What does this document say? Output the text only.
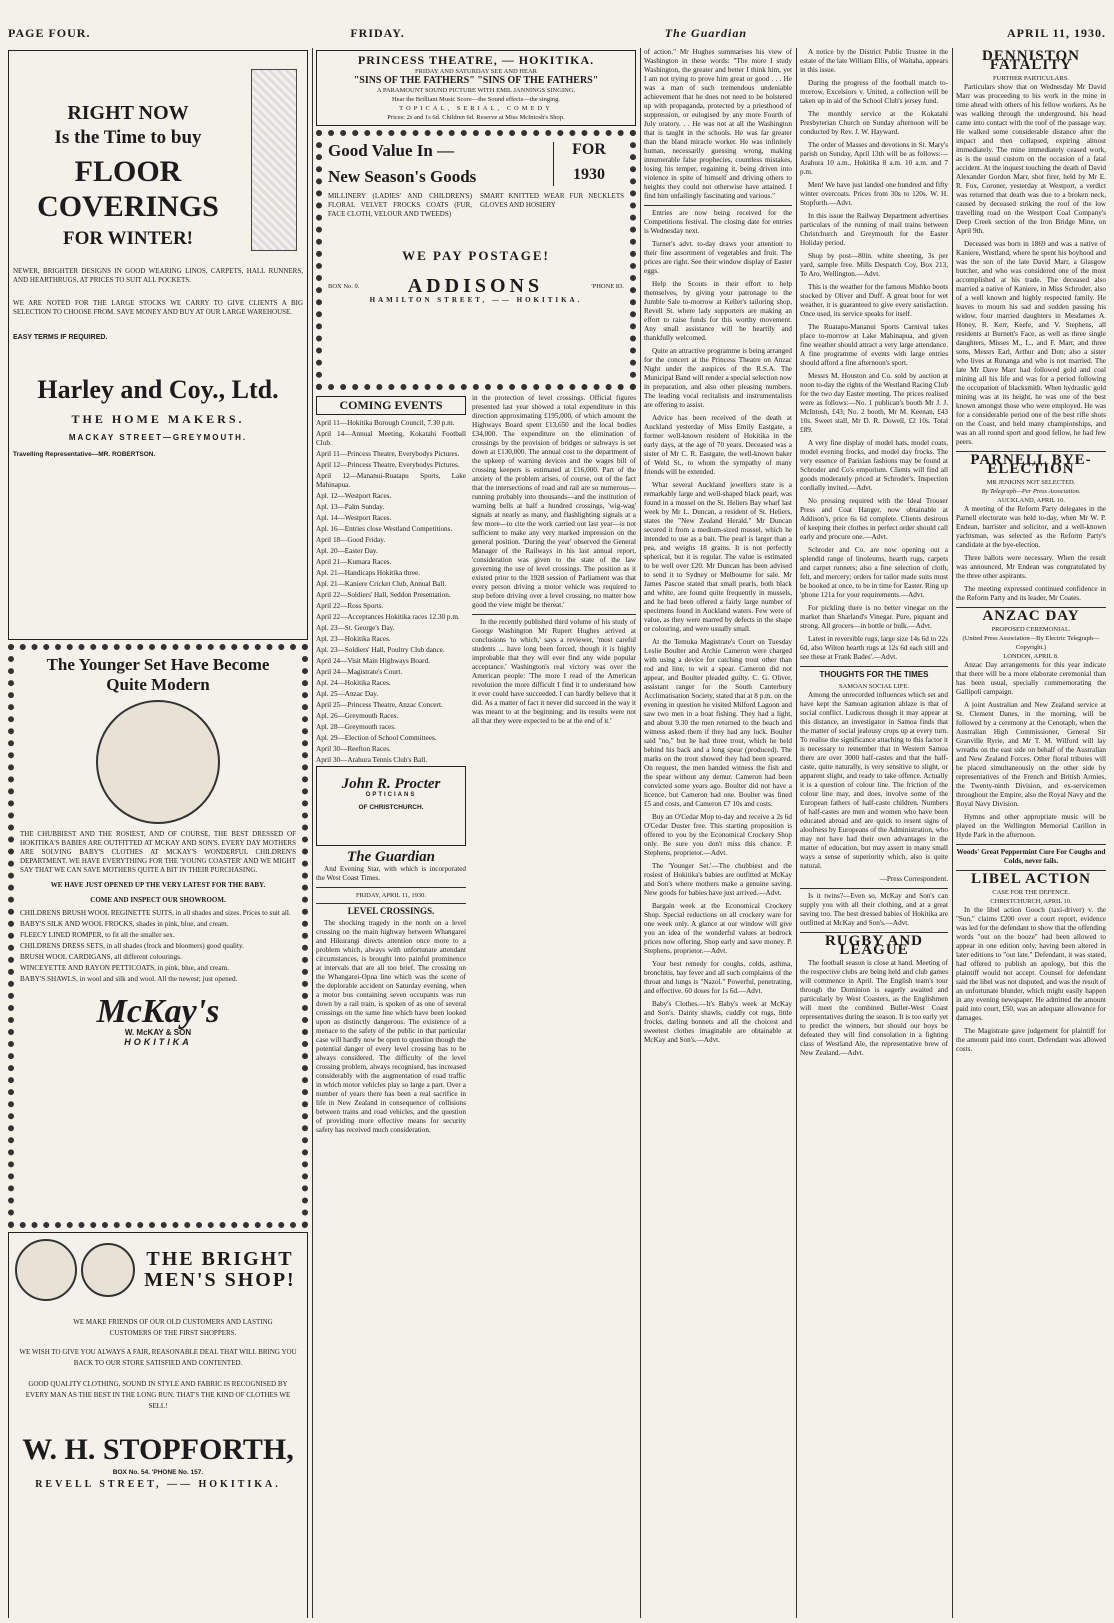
PAGE FOUR.	FRIDAY.	The Guardian	APRIL 11, 1930.
RIGHT NOW
Is the Time to buy
FLOOR
COVERINGS
FOR WINTER!

NEWER, BRIGHTER DESIGNS IN GOOD WEARING LINOS, CARPETS, HALL RUNNERS, AND HEARTHRUGS, AT PRICES TO SUIT ALL POCKETS.

WE ARE NOTED FOR THE LARGE STOCKS WE CARRY TO GIVE CLIENTS A BIG SELECTION TO CHOOSE FROM. SAVE MONEY AND BUY AT OUR LARGE WAREHOUSE.

EASY TERMS IF REQUIRED.
Harley and Coy., Ltd.
THE HOME MAKERS.
MACKAY STREET—GREYMOUTH.
Travelling Representative—MR. ROBERTSON.
The Younger Set Have Become
Quite Modern

THE CHUBBIEST AND THE ROSIEST, AND OF COURSE, THE BEST DRESSED OF HOKITIKA'S BABIES ARE OUTFITTED AT MCKAY AND SON'S. EVERY DAY MOTHERS ARE SOLVING BABY'S CLOTHES AT MCKAY'S WONDERFUL CHILDREN'S DEPARTMENT. WE HAVE EVERYTHING FOR THE 'YOUNG COASTER' AND WE MIGHT SAY THAT WE CAN SAVE MOTHERS QUITE A BIT IN THEIR PURCHASING.

WE HAVE JUST OPENED UP THE VERY LATEST FOR THE BABY.

COME AND INSPECT OUR SHOWROOM.

CHILDRENS BRUSH WOOL REGINETTE SUITS, in all shades and sizes. Prices to suit all.

BABY'S SILK AND WOOL FROCKS, shades in pink, blue, and cream.

FLEECY LINED ROMPER, to fit all the smaller sex.

CHILDRENS DRESS SETS, in all shades (frock and bloomers) good quality.

BRUSH WOOL CARDIGANS, all different colourings.

WINCEYETTE AND RAYON PETTICOATS, in pink, blue, and cream.

BABY'S SHAWLS, in wool and silk and wool. All the newest; just opened.

McKay's
W. McKAY & SON
HOKITIKA
THE BRIGHT
MEN'S SHOP!

WE MAKE FRIENDS OF OUR OLD CUSTOMERS AND LASTING CUSTOMERS OF THE FIRST SHOPPERS.

WE WISH TO GIVE YOU ALWAYS A FAIR, REASONABLE DEAL THAT WILL BRING YOU BACK TO OUR STORE SATISFIED AND CONTENTED.

GOOD QUALITY CLOTHING, SOUND IN STYLE AND FABRIC IS RECOGNISED BY EVERY MAN AS THE BEST IN THE LONG RUN. THAT'S THE KIND OF CLOTHES WE SELL!

W. H. STOPFORTH,
BOX No. 54. 'PHONE No. 157.
REVELL STREET, —— HOKITIKA.
PRINCESS THEATRE, — HOKITIKA.
FRIDAY AND SATURDAY SEE AND HEAR
"SINS OF THE FATHERS" "SINS OF THE FATHERS"
A PARAMOUNT SOUND PICTURE WITH EMIL JANNINGS SINGING.
Hear the Brilliant Music Score—the Sound effects—the singing.
TOPICAL, SERIAL, COMEDY
Prices: 2s and 1s 6d. Children 6d. Reserve at Miss McIntosh's Shop.
Good Value In —
New Season's Goods
FOR
1930
MILLINERY (LADIES' AND CHILDREN'S) FLORAL VELVET FROCKS COATS (FUR, FACE CLOTH, VELOUR AND TWEEDS)
SMART KNITTED WEAR FUR NECKLETS GLOVES AND HOSIERY
WE PAY POSTAGE!
BOX No. 9. ADDISONS	'PHONE 83.
HAMILTON STREET, —— HOKITIKA.
COMING EVENTS

April 11—Hokitika Borough Council, 7.30 p.m.

April 14—Annual Meeting, Kokatahi Football Club.

April 11—Princess Theatre, Everybodys Pictures.

April 12—Princess Theatre, Everybodys Pictures.

April 12—Mananui-Ruatapu Sports, Lake Mahinapua.

Apl. 12—Westport Races.

Apl. 13—Palm Sunday.

Apl. 14—Westport Races.

Apl. 16—Entries close Westland Competitions.

April 18—Good Friday.

Apl. 20—Easter Day.

April 21—Kumara Races.

Apl. 21—Handicaps Hokitika three.

Apl. 21—Kaniere Cricket Club, Annual Ball.

April 22—Soldiers' Hall, Seddon Presentation.

April 22—Ross Sports.

April 22—Acceptances Hokitika races 12.30 p.m.

Apl. 23—St. George's Day.

Apl. 23—Hokitika Races.

Apl. 23—Soldiers' Hall, Poultry Club dance.

April 24—Visit Main Highways Board.

April 24—Magistrate's Court.

Apl. 24—Hokitika Races.

Apl. 25—Anzac Day.

April 25—Princess Theatre, Anzac Concert.

Apl. 26—Greymouth Races.

Apl. 28—Greymouth races.

Apl. 29—Election of School Committees.

April 30—Reefton Races.

April 30—Arahura Tennis Club's Ball.

John R. Procter
OPTICIANS
OF CHRISTCHURCH.
The Guardian

And Evening Star, with which is incorporated the West Coast Times.

FRIDAY, APRIL 11, 1930.
LEVEL CROSSINGS.

The shocking tragedy in the north on a level crossing on the main highway between Whangarei and Hikurangi directs attention once more to a problem which, always with unfortunate attendant circumstances, is brought into painful prominence at intervals that are all too brief. The crossing on the Whangarei-Opua line which was the scene of the deplorable accident on Saturday evening, when a motor bus containing seven occupants was run down by a rail train, is spoken of as one of several crossings on the same line which have been looked upon as distinctly dangerous. The existence of a menace to the safety of the public in that particular case will hardly now be open to question though the potential danger of every level crossing has to be always considered. The difficulty of the level crossing problem, always recognised, has increased considerably with the augmentation of road traffic in which motor vehicles play so large a part. Over a number of years there has been a real sacrifice in life in New Zealand in consequence of collisions between trains and road vehicles, and the question of providing more effective means for security safety has received much consideration.

in the protection of level crossings. Official figures presented last year showed a total expenditure in this direction approximating £195,000, of which amount the Highways Board spent £13,650 and the local bodies £34,000. The expenditure on the elimination of crossings by the provision of bridges or subways is set down at £130,000. The annual cost to the department of the upkeep of warning devices and the wages bill of crossing keepers is estimated at £16,000. Part of the anxiety of the problem arises, of course, out of the fact that the intersections of road and rail are so numerous—running probably into thousands—and the institution of warning bells at half a hundred crossings, 'wig-wag' signals at nearly as many, and flashlighting signals at a few more—to cite the work carried out last year—is not sufficient to make any very marked impression on the general position. 'During the year' observed the General Manager of the Railways in his last annual report, 'consideration was given to the state of the law governing the use of level crossings. The position as it existed prior to the 1928 session of Parliament was that every person driving a motor vehicle was required to stop before driving over a level crossing, no matter how good the view might be thereat.'

In the recently published third volume of his study of George Washington Mr Rupert Hughes arrived at conclusions 'to which,' says a reviewer, 'most careful students ... have long been forced, though it is highly improbable that they will ever find any wide popular acceptance.' Washington's real victory was over the American people: 'The more I read of the American revolution the more difficult I find it to understand how it ever could have succeeded. I can hardly believe that it did. As a matter of fact it never did succeed in the way it was meant to at the beginning; and its results were not all that they were expected to be at the end of it.'

of action." Mr Hughes summarises his view of Washington in these words: "The more I study Washington, the greater and better I think him, yet I am not trying to prove him great or good . . . He was a man of such tremendous undeniable achievement that he does not need to be bolstered up with propaganda, protected by a priesthood of suppression, or eulogised by any more Fourth of July oratory. . . He was not at all the Washington that is taught in the schools. He was far greater than the bland miracle worker. He was infinitely human, necessarily guessing wrong, making innumerable false prophecies, countless mistakes, losing his temper, regaining it, being driven into violence in spite of himself and driving others to heights they could not otherwise have attained. I find him unfailingly fascinating and various."

Entries are now being received for the Competitions festival. The closing date for entries is Wednesday next.

Turner's advt. to-day draws your attention to their fine assortment of vegetables and fruit. The prices are right. See their window display of Easter eggs.

Help the Scouts in their effort to help themselves, by giving your patronage to the Jumble Sale to-morrow at Keller's tailoring shop, Revell St. where lady supporters are making an effort to raise funds for this worthy movement. Any small assistance will be heartily and thankfully welcomed.

Quite an attractive programme is being arranged for the concert at the Princess Theatre on Anzac Night under the auspices of the R.S.A. The Municipal Band will render a special selection now in preparation, and also other pleasing numbers. The leading vocal recitalists and instrumentalists are offering to assist.

Advice has been received of the death at Auckland yesterday of Miss Emily Eastgate, a former well-known resident of Hokitika in the early days, at the age of 70 years. Deceased was a sister of Mr C. R. Eastgate, the well-known baker of Weld St., to whom the sympathy of many friends will be extended.

What several Auckland jewellers state is a remarkably large and well-shaped black pearl, was found in a mussel on the St. Heliers Bay wharf last week by Mr L. Duncan, a resident of St. Heliers, states the "New Zealand Herald." Mr Duncan secured it from a medium-sized mussel, which he intended to use as a bait. The pearl is larger than a pea, and weighs 18 grains. It is not perfectly spherical, but it is regular. The value is estimated to be well over £20. Mr Duncan has been advised to send it to Sydney or Melbourne for sale. Mr James Pascoe stated that small pearls, both black and white, are found quite frequently in mussels, and he had been offered a fairly large number of specimens found in Auckland waters. Few were of value, as they were marred by defects in the shape or colouring, and were usually small.

At the Temuka Magistrate's Court on Tuesday Leslie Boulter and Archie Cameron were charged with using a device for catching trout other than rod and line, to wit a spear. Cameron did not appear, and Boulter pleaded guilty. C. G. Oliver, assistant ranger for the South Canterbury Acclimatisation Society, stated that at 8 p.m. on the evening in question he visited Milford Lagoon and saw two men in a boat fishing. They had a light, and about 9.30 the men returned to the beach and witness asked them if they had any luck. Boulter said "no," but he had three trout, which he held behind his back and a long spear (produced). The marks on the trout showed they had been speared. On request, the men handed witness the fish and the spear without any demur. Cameron had been convicted some years ago. Boulter did not have a licence, but Cameron had one. Boulter was fined £5 and costs, and Cameron £7 10s and costs.

Buy an O'Cedar Mop to-day and receive a 2s 6d O'Cedar Duster free. This starting proposition is offered to you by the Economical Crockery Shop only. Be sure you don't miss this chance. P. Stephens, proprietor.—Advt.

The 'Younger Set.'—The chubbiest and the rosiest of Hokitika's babies are outfitted at McKay and Son's where mothers make a genuine saving. New goods for babies have just arrived.—Advt.

Bargain week at the Economical Crockery Shop. Special reductions on all crockery ware for one week only. A glance at our window will give you an idea of the wonderful values at bedrock prices now offering. Shop early and save money. P. Stephens, proprietor.—Advt.

Your best remedy for coughs, colds, asthma, bronchitis, hay fever and all such complaints of the throat and lungs is "Nazol." Powerful, penetrating, and effective. 60 doses for 1s 6d.—Advt.

Baby's Clothes.—It's Baby's week at McKay and Son's. Dainty shawls, cuddly cot rugs, little frocks, darling bonnets and all the choicest and sweetest clothes imaginable are obtainable at McKay and Son's.—Advt.

A notice by the District Public Trustee in the estate of the late William Ellis, of Waitaha, appears in this issue.

During the progress of the football match to-morrow, Excelsiors v. United, a collection will be taken up in aid of the School Club's jersey fund.

The monthly service at the Kokatahi Presbyterian Church on Sunday afternoon will be conducted by Rev. J. W. Hayward.

The order of Masses and devotions in St. Mary's parish on Sunday, April 13th will be as follows:—Arahura 10 a.m., Hokitika 8 a.m. 10 a.m. and 7 p.m.

Men! We have just landed one hundred and fifty winter overcoats. Prices from 30s to 120s. W. H. Stopforth.—Advt.

In this issue the Railway Department advertises particulars of the running of mail trains between Christchurch and Greymouth for the Easter Holiday period.

Shop by post—80in. white sheeting, 3s per yard, sample free. Mills Despatch Coy, Box 213, Te Aro, Wellington.—Advt.

This is the weather for the famous Mishko boots stocked by Oliver and Duff. A great boot for wet weather, it is guaranteed to give every satisfaction. Once used, its service speaks for itself.

The Ruatapu-Mananui Sports Carnival takes place to-morrow at Lake Mahinapua, and given fine weather should attract a very large attendance. A fine programme of events with large entries should afford a fine afternoon's sport.

Messrs M. Houston and Co. sold by auction at noon to-day the rights of the Westland Racing Club for the two day Easter meeting. The prices realised were as follows:—No. 1 publican's booth Mr J. J. McIntosh, £43; No. 2 booth, Mr M. Keenan, £43 10s. Sweet stall, Mr D. R. Dowell, £2 10s. Total £89.

A very fine display of model hats, model coats, model evening frocks, and model day frocks. The very essence of Parisian fashions may be found at Schroder and Co's emporium. Clients will find all goods moderately priced at Schroder's. Inspection cordially invited.—Advt.

No pressing required with the Ideal Trouser Press and Coat Hanger, now obtainable at Addison's, price 6s 6d complete. Clients desirous of keeping their clothes in perfect order should call early and procure one.—Advt.

Schroder and Co. are now opening out a splendid range of linoleums, hearth rugs, carpets and carpet runners; also a fine selection of cloth, felt, and mercery; orders for tailor made suits must be booked at once, to be in time for Easter. Ring up 'phone 121a for your requirements.—Advt.

For pickling there is no better vinegar on the market than Sharland's Vinegar. Pure, piquant and strong. All grocers—in bottle or bulk.—Advt.

Latest in reversible rugs, large size 14s 6d to 22s 6d, also Wilton hearth rugs at 12s 6d each still and see these at Frank Bades'.—Advt.

THOUGHTS FOR THE TIMES
SAMOAN SOCIAL LIFE.

Among the unrecorded influences which set and have kept the Samoan agitation ablaze is that of social conflict. Ludicrous though it may appear at this distance, an investigator in Samoa finds that the matter of social jealousy crops up at every turn. To realise the significance attaching to this factor it is necessary to remember that in Western Samoa there are over 3000 half-castes and that the half-caste, quite naturally, is very sensitive to slight, or apparent slight, and ready to take offence. Actually it is a question of colour line. The friction of the colour line may, and does, involve some of the European fathers of half-caste children. Numbers of half-castes are men and women who have been educated abroad and are quick to resent signs of aloofness by Europeans of the Administration, who may not have had their own advantages in the matter of education, but may assert in many small ways a sense of superiority which, also is quite natural.

—Press Correspondent.

Is it twins?—Even so, McKay and Son's can supply you with all their clothing, and at a great saving too. The best dressed babies of Hokitika are outfitted at McKay and Son's.—Advt.

RUGBY AND LEAGUE

The football season is close at hand. Meeting of the respective clubs are being held and club games will commence in April. The English team's tour through the Dominion is eagerly awaited and particularly by West Coasters, as the Englishmen will meet the combined Buller-West Coast representatives during the season. It is too early yet to predict the winners, but should our boys be defeated they will find consolation in a fighting class of Westland Ale, the representative brew of New Zealand.—Advt.

DENNISTON FATALITY
FURTHER PARTICULARS.

Particulars show that on Wednesday Mr David Marr was proceeding to his work in the mine in time ahead with others of his fellow workers. As he was walking through the underground, his head came into contact with the roof of the passage way. He walked some considerable distance after the impact and then collapsed, expiring almost immediately. The mine immediately ceased work, as is the usual custom on the occasion of a fatal accident. At the inquest touching the death of David Alexander Gordon Marr, shot firer, held by Mr E. R. Fox, Coroner, yesterday at Westport, a verdict was returned that death was due to a broken neck, caused by deceased striking the roof of the low travelling road on the Westport Coal Company's Deep Creek section of the Iron Bridge Mine, on April 9th.

Deceased was born in 1869 and was a native of Kaniere, Westland, where he spent his boyhood and was the son of the late David Marr, a Glasgow butcher, and who was considered one of the most accomplished at his trade. The deceased also married a native of Kaniere, in Miss Schroder, also of a well known and highly respected family. He leaves to mourn his sad and sudden passing his widow, four married daughters in Mesdames A. Honey, R. Kerr, Keefe, and V. Stephens, all residents at Burnett's Face, as well as three single daughters, Misses M., L., and F. Marr, and three sons, Messrs Earl, Arthur and Don; also a sister who lives at Runanga and who is not married. The late Mr Dave Marr had followed gold and coal mining all his life and was for a period following the occupation of blacksmith. When hydraulic gold mining was at its height, he was one of the best known amongst those who were employed. He was for a considerable period one of the best rifle shots on the Coast, and held many championships, and was an all round sport and good fellow, he had few peers.

PARNELL BYE-ELECTION
MR JENKINS NOT SELECTED.
By Telegraph—Per Press Association.
AUCKLAND, APRIL 10.

A meeting of the Reform Party delegates in the Parnell electorate was held to-day, when Mr W. P. Endean, barrister and solicitor, and a well-known yachtsman, was selected as the Reform Party's candidate at the bye-election.

Three ballots were necessary. When the result was announced, Mr Endean was congratulated by the three other aspirants.

The meeting expressed continued confidence in the Reform Party and its leader, Mr Coates.

ANZAC DAY
PROPOSED CEREMONIAL.
(United Press Association—By Electric Telegraph—Copyright.)
LONDON, APRIL 8.

Anzac Day arrangements for this year indicate that there will be a more elaborate ceremonial than has been usual, specially commemorating the Gallipoli campaign.

A joint Australian and New Zealand service at St. Clement Danes, in the morning, will be followed by a ceremony at the Cenotaph, when the Australian High Commissioner, General Sir Granville Ryrie, and Mr T. M. Wilford will lay wreaths on the east side on behalf of the Australian and New Zealand Forces. Other floral tributes will be placed simultaneously on the other side by representatives of the French and British Armies, the Twenty-ninth Division, and ex-servicemen throughout the Empire, also the Royal Navy and the Royal Navy Division.

Hymns and other appropriate music will be played on the Wellington Memorial Carillon in Hyde Park in the afternoon.

Woods' Great Peppermint Cure For Coughs and Colds, never fails.

LIBEL ACTION
CASE FOR THE DEFENCE.
CHRISTCHURCH, APRIL 10.

In the libel action Gooch (taxi-driver) v. the "Sun," claims £200 over a court report, evidence was led for the defendant to show that the offending words "out on the booze" had been allowed to appear in one edition only, having been altered in later editions to "out late." Defendant, it was stated, had offered to publish an apology, but this the plaintiff would not accept. Counsel for defendant said the libel was not disputed, and was the result of an unfortunate blunder, which might easily happen in any evening newspaper. He admitted the amount paid into court, £50, was an adequate allowance for damages.

The Magistrate gave judgement for plaintiff for the amount paid into court. Defendant was allowed costs.
